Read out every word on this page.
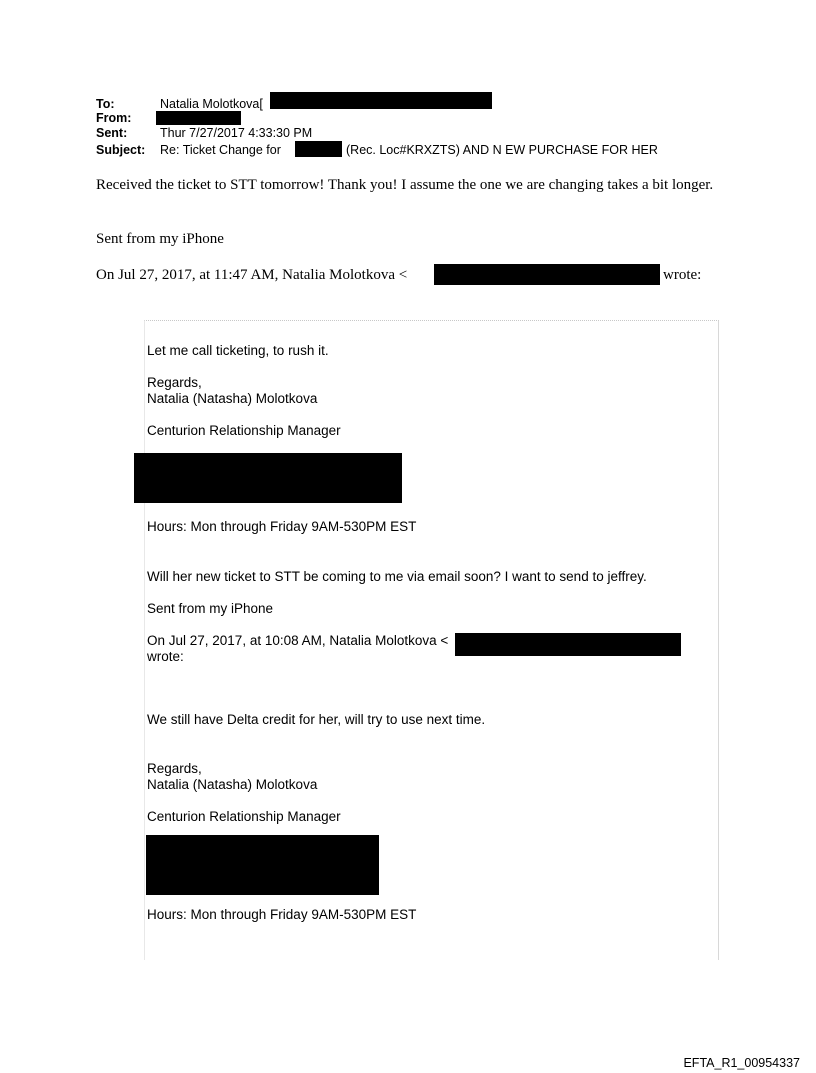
To:	Natalia Molotkova[
From:
Sent:	Thur 7/27/2017 4:33:30 PM
Subject: Re: Ticket Change for	(Rec. Loc#KRXZTS) AND N EW PURCHASE FOR HER
Received the ticket to STT tomorrow! Thank you! I assume the one we are changing takes a bit longer.
Sent from my iPhone
On Jul 27, 2017, at 11:47 AM, Natalia Molotkova <	wrote:
Let me call ticketing, to rush it.
Regards,
Natalia (Natasha) Molotkova
Centurion Relationship Manager
Hours: Mon through Friday 9AM-530PM EST
Will her new ticket to STT be coming to me via email soon? I want to send to jeffrey.
Sent from my iPhone
On Jul 27, 2017, at 10:08 AM, Natalia Molotkova <
wrote:
We still have Delta credit for her, will try to use next time.
Regards,
Natalia (Natasha) Molotkova
Centurion Relationship Manager
Hours: Mon through Friday 9AM-530PM EST
EFTA_R1_00954337
